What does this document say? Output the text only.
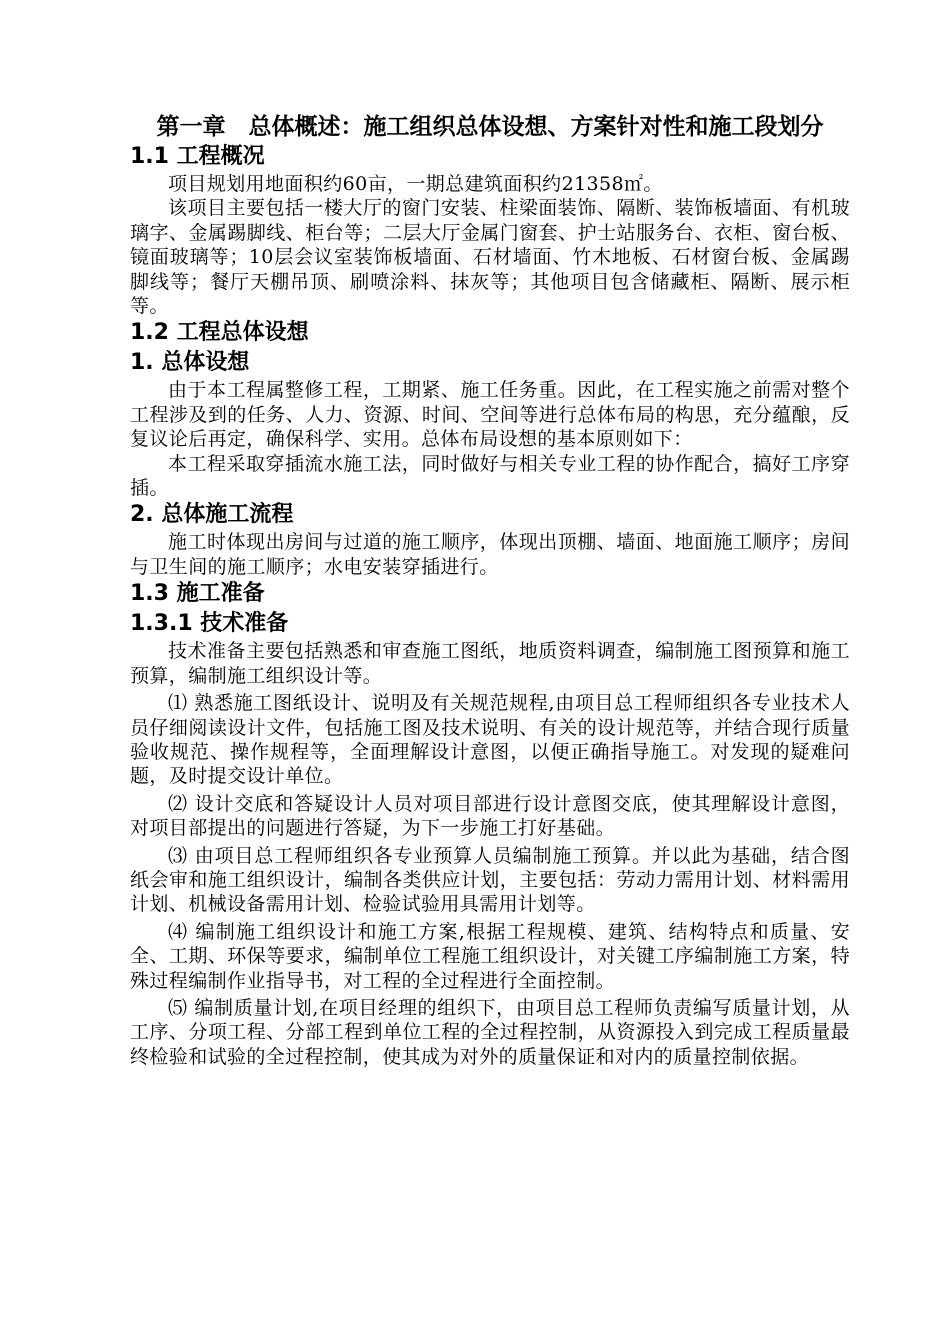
第一章　总体概述：施工组织总体设想、方案针对性和施工段划分
1.1 工程概况

项目规划用地面积约60亩，一期总建筑面积约21358㎡。

该项目主要包括一楼大厅的窗门安装、柱梁面装饰、隔断、装饰板墙面、有机玻璃字、金属踢脚线、柜台等；二层大厅金属门窗套、护士站服务台、衣柜、窗台板、镜面玻璃等；10层会议室装饰板墙面、石材墙面、竹木地板、石材窗台板、金属踢脚线等；餐厅天棚吊顶、刷喷涂料、抹灰等；其他项目包含储藏柜、隔断、展示柜等。

1.2 工程总体设想
1. 总体设想

由于本工程属整修工程，工期紧、施工任务重。因此，在工程实施之前需对整个工程涉及到的任务、人力、资源、时间、空间等进行总体布局的构思，充分蕴酿，反复议论后再定，确保科学、实用。总体布局设想的基本原则如下：

本工程采取穿插流水施工法，同时做好与相关专业工程的协作配合，搞好工序穿插。

2. 总体施工流程

施工时体现出房间与过道的施工顺序，体现出顶棚、墙面、地面施工顺序；房间与卫生间的施工顺序；水电安装穿插进行。

1.3 施工准备
1.3.1 技术准备

技术准备主要包括熟悉和审查施工图纸，地质资料调查，编制施工图预算和施工预算，编制施工组织设计等。

⑴ 熟悉施工图纸设计、说明及有关规范规程,由项目总工程师组织各专业技术人员仔细阅读设计文件，包括施工图及技术说明、有关的设计规范等，并结合现行质量验收规范、操作规程等，全面理解设计意图，以便正确指导施工。对发现的疑难问题，及时提交设计单位。

⑵ 设计交底和答疑设计人员对项目部进行设计意图交底，使其理解设计意图，对项目部提出的问题进行答疑，为下一步施工打好基础。

⑶ 由项目总工程师组织各专业预算人员编制施工预算。并以此为基础，结合图纸会审和施工组织设计，编制各类供应计划，主要包括：劳动力需用计划、材料需用计划、机械设备需用计划、检验试验用具需用计划等。

⑷ 编制施工组织设计和施工方案,根据工程规模、建筑、结构特点和质量、安全、工期、环保等要求，编制单位工程施工组织设计，对关键工序编制施工方案，特殊过程编制作业指导书，对工程的全过程进行全面控制。

⑸ 编制质量计划,在项目经理的组织下，由项目总工程师负责编写质量计划，从工序、分项工程、分部工程到单位工程的全过程控制，从资源投入到完成工程质量最终检验和试验的全过程控制，使其成为对外的质量保证和对内的质量控制依据。
